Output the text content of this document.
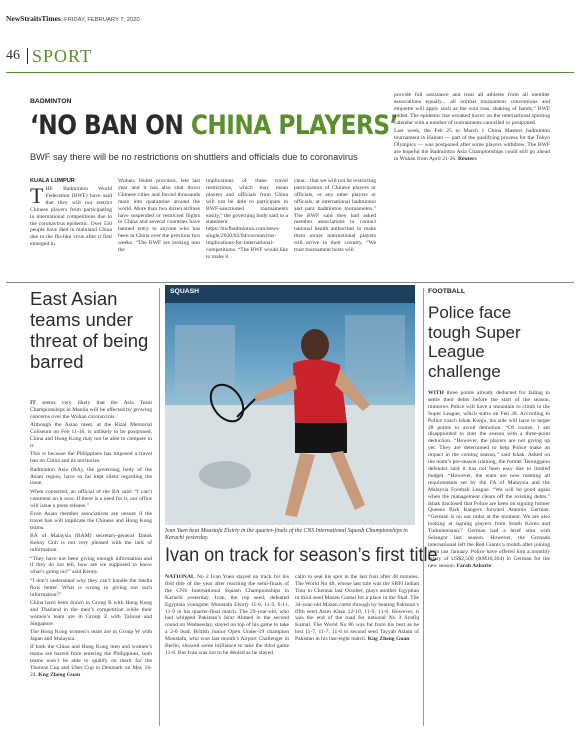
NewStraitsTimes. FRIDAY, FEBRUARY 7, 2020
46 SPORT
BADMINTON
‘NO BAN ON CHINA PLAYERS’
BWF say there will be no restrictions on shuttlers and officials due to coronavirus
KUALA LUMPUR
THE Badminton World Federation (BWF) have said that they will not restrict Chinese players from participating in international competitions due to the coronavirus epidemic. Over 550 people have died in mainland China due to the flu-like virus after it first emerged in
Wuhan, Hubei province, late last year and it has also shut down Chinese cities and forced thousands more into quarantine around the world. More than two dozen airlines have suspended or restricted flights to China and several countries have banned entry to anyone who has been in China over the previous two weeks. “The BWF are looking into the
implications of these travel restrictions, which may mean players and officials from China will not be able to participate in BWF-sanctioned tournaments easily,” the governing body said in a statement https://bwfbadminton.com/news-single/2020/02/04/coronavirus-implications-for-international-competitions. “The BWF would like to make it
clear... that we will not be restricting participation of Chinese players or officials, or any other players or officials, at international badminton and para badminton tournaments.” The BWF said they had asked member associations to contact national health authorities to make them aware international players will arrive in their country. “We trust tournament hosts will

provide full assistance and treat all athletes from all member associations equally... all normal tournament conventions and etiquette will apply such as the coin toss, shaking of hands,” BWF added. The epidemic has wreaked havoc on the international sporting calendar with a number of tournaments cancelled or postponed.

Last week, the Feb 25 to March 1 China Masters badminton tournament in Hainan — part of the qualifying process for the Tokyo Olympics — was postponed after some players withdrew. The BWF are hopeful the Badminton Asia Championships could still go ahead in Wuhan from April 21-26. Reuters

East Asian teams under threat of being barred

IT seems very likely that the Asia Team Championships in Manila will be affected by growing concerns over the Wuhan coronavirus.

Although the Asian meet, at the Rizal Memorial Coliseum on Feb 11-16, is unlikely to be postponed, China and Hong Kong may not be able to compete in it.

This is because the Philippines has imposed a travel ban on China and its territories.

Badminton Asia (BA), the governing body of the Asian region, have so far kept silent regarding the issue.

When contacted, an official of the BA said: “I can’t comment on it now. If there is a need for it, our office will issue a press release.”

Even Asian member associations are unsure if the travel ban will implicate the Chinese and Hong Kong teams.

BA of Malaysia (BAM) secretary-general Datuk Kenny Goh is not very pleased with the lack of information.

“They have not been giving enough information and if they do not tell, how are we supposed to know what’s going on?” said Kenny.

“I don’t understand why they can’t handle the media flow better. What is wrong in giving out such information?”

China have been drawn in Group B with Hong Kong and Thailand in the men’s competition while their women’s team are in Group Z with Taiwan and Singapore.

The Hong Kong women’s team are in Group W with Japan and Malaysia.

If both the China and Hong Kong men and women’s teams are barred from entering the Philippines, both teams won’t be able to qualify on merit for the Thomas Cup and Uber Cup in Denmark on May 16-24. Kng Zheng Guan

SQUASH
Ivan Yuen beat Moustafa Elsirty in the quarter-finals of the CNS International Squash Championships in Karachi yesterday.
Ivan on track for season’s first title
NATIONAL No 2 Ivan Yuen stayed on track for his first title of the year after reaching the semi-finals of the CNS International Squash Championships in Karachi yesterday. Ivan, the top seed, defeated Egyptian youngster Moustafa Elsirty 11-6, 11-9, 6-11, 11-9 in his quarter-final match. The 29-year-old, who had whipped Pakistan’s Israr Ahmed in the second round on Wednesday, stayed on top of his game to take a 2-0 lead. British Junior Open Under-19 champion Moustafa, who won last month’s Airport Challenger in Berlin, showed some brilliance to take the third game 11-6. But Ivan was not to be denied as he stayed
calm to seal his spot in the last four after 48 minutes. The World No 48, whose last title was the SRFI Indian Tour in Chennai last October, plays another Egyptian in third seed Mazen Gamal for a place in the final. The 34-year-old Mazen came through by beating Pakistan’s fifth seed Asim Khan 12-10, 11-9, 11-6. However, it was the end of the road for national No 3 Syafiq Kamal. The World No 86 was far from his best as he lost 11-7, 11-7, 11-6 to second seed Tayyab Aslam of Pakistan in his last-eight match. Kng Zheng Guan
FOOTBALL
Police face tough Super League challenge
WITH three points already deducted for failing to settle their debts before the start of the season, minnows Police will have a mountain to climb in the Super League, which starts on Feb 28. According to Police coach Ishak Kunju, his side will have to target 28 points to avoid demotion. “Of course, I am disappointed to start the season with a three-point deduction. “However, the players are not giving up yet. They are determined to help Police make an impact in the coming season,” said Ishak. Asked on the team’s pre-season training, the former Terengganu defender said it has not been easy due to limited budget. “However, the team are now meeting all requirements set by the FA of Malaysia and the Malaysia Football League. “We will be good again when the management clears off the existing debts.” Ishak disclosed that Police are keen on signing former Queens Park Rangers forward Antonio German. “German is on our radar at the moment. We are also looking at signing players from South Korea and Turkmenistan.” German had a brief stint with Selangor last season. However, the Grenada international left the Red Giants a month after joining them last January. Police have offered him a monthly salary of US$2,500 (RM10,364) to German for the new season. Farah Azharie
